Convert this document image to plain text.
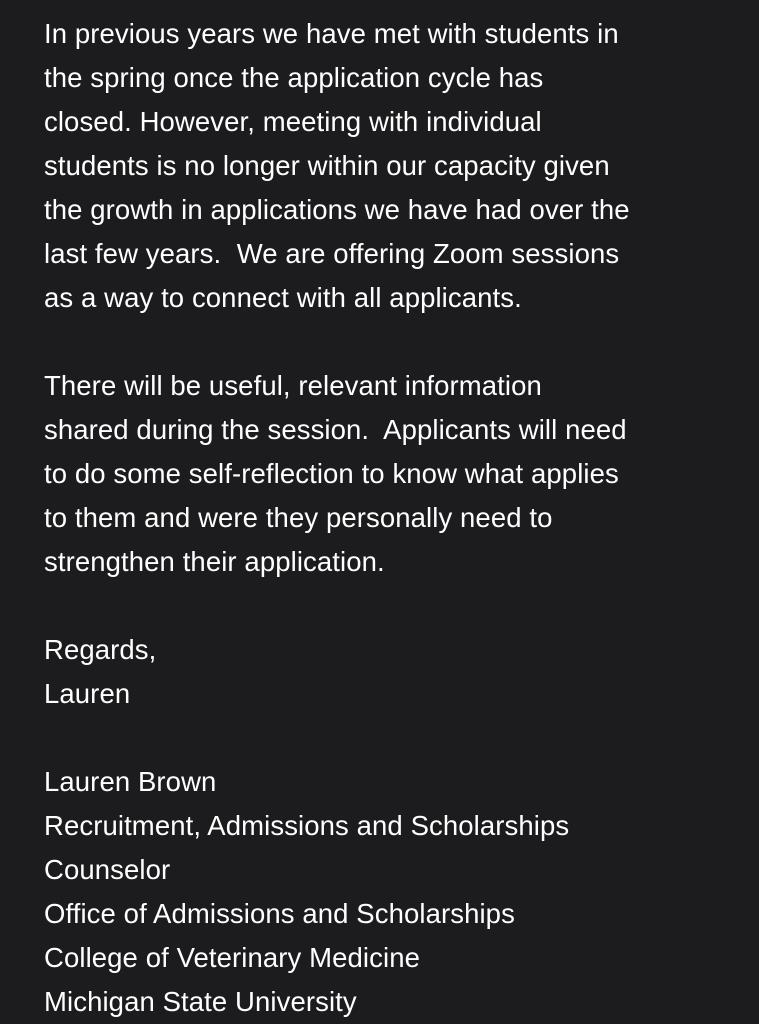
In previous years we have met with students in
the spring once the application cycle has
closed. However, meeting with individual
students is no longer within our capacity given
the growth in applications we have had over the
last few years.  We are offering Zoom sessions
as a way to connect with all applicants.
There will be useful, relevant information
shared during the session.  Applicants will need
to do some self-reflection to know what applies
to them and were they personally need to
strengthen their application.
Regards,
Lauren
Lauren Brown
Recruitment, Admissions and Scholarships
Counselor
Office of Admissions and Scholarships
College of Veterinary Medicine
Michigan State University
